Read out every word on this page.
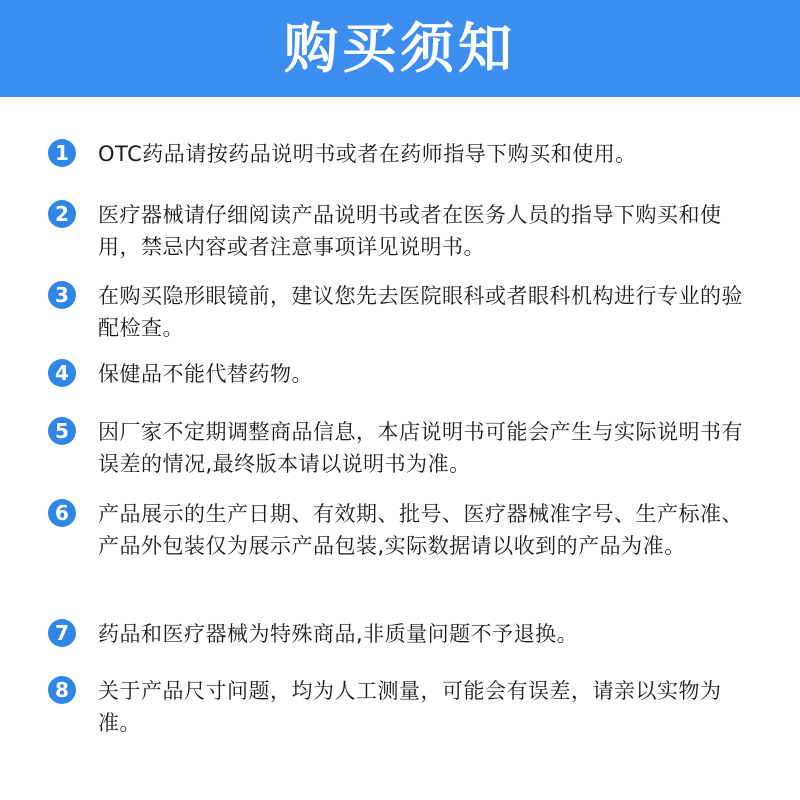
购买须知
1	OTC药品请按药品说明书或者在药师指导下购买和使用。
2	医疗器械请仔细阅读产品说明书或者在医务人员的指导下购买和使用，禁忌内容或者注意事项详见说明书。
3	在购买隐形眼镜前，建议您先去医院眼科或者眼科机构进行专业的验配检查。
4	保健品不能代替药物。
5	因厂家不定期调整商品信息，本店说明书可能会产生与实际说明书有误差的情况,最终版本请以说明书为准。
6	产品展示的生产日期、有效期、批号、医疗器械准字号、生产标准、产品外包装仅为展示产品包装,实际数据请以收到的产品为准。
7	药品和医疗器械为特殊商品,非质量问题不予退换。
8	关于产品尺寸问题，均为人工测量，可能会有误差，请亲以实物为准。
